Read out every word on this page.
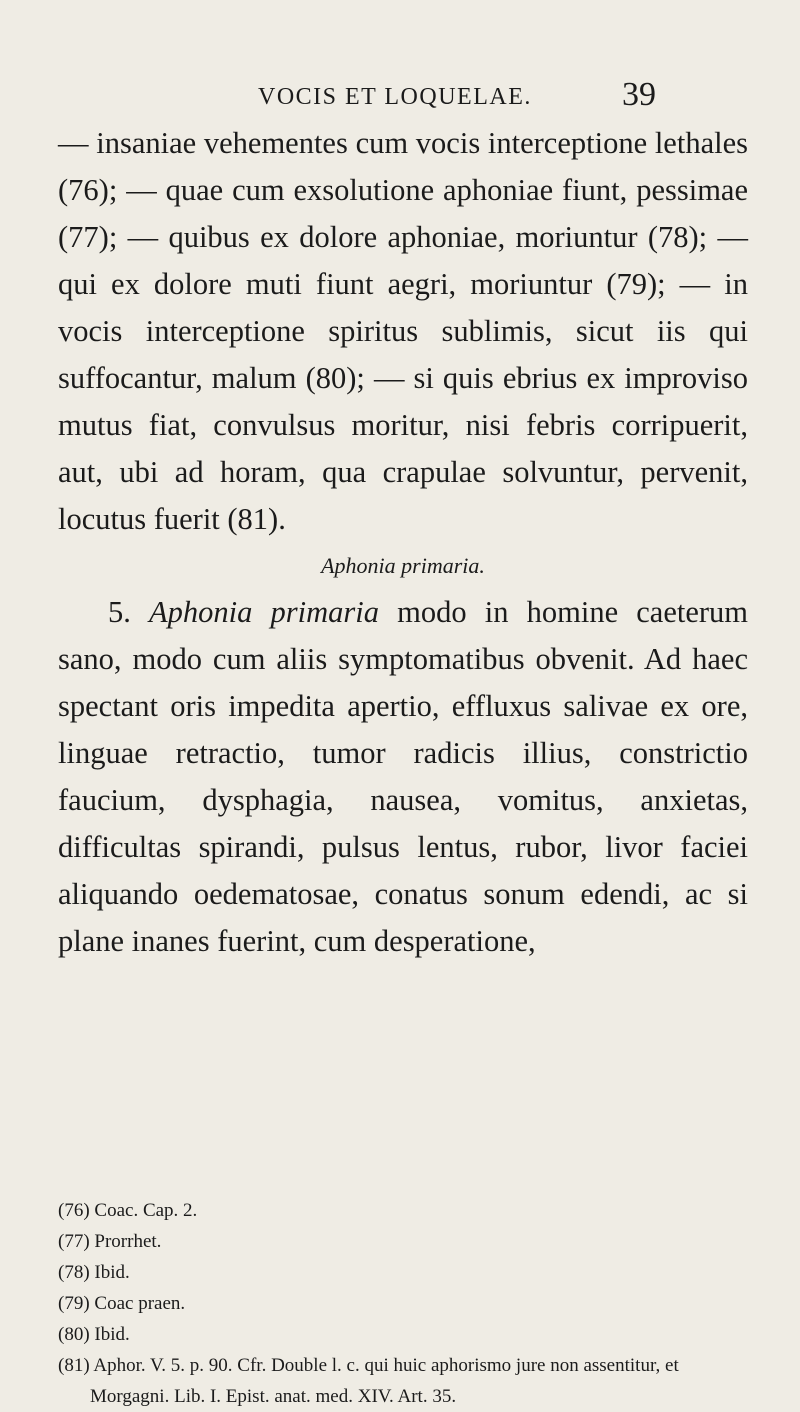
VOCIS ET LOQUELAE.	39

— insaniae vehementes cum vocis interceptione lethales (76); — quae cum exsolutione aphoniae fiunt, pessimae (77); — quibus ex dolore aphoniae, moriuntur (78); — qui ex dolore muti fiunt aegri, moriuntur (79); — in vocis interceptione spiritus sublimis, sicut iis qui suffocantur, malum (80); — si quis ebrius ex improviso mutus fiat, convulsus moritur, nisi febris corripuerit, aut, ubi ad horam, qua crapulae solvuntur, pervenit, locutus fuerit (81).

Aphonia primaria.

5. Aphonia primaria modo in homine caeterum sano, modo cum aliis symptomatibus obvenit. Ad haec spectant oris impedita apertio, effluxus salivae ex ore, linguae retractio, tumor radicis illius, constrictio faucium, dysphagia, nausea, vomitus, anxietas, difficultas spirandi, pulsus lentus, rubor, livor faciei aliquando oedematosae, conatus sonum edendi, ac si plane inanes fuerint, cum desperatione,

(76) Coac. Cap. 2.

(77) Prorrhet.

(78) Ibid.

(79) Coac praen.

(80) Ibid.

(81) Aphor. V. 5. p. 90. Cfr. Double l. c. qui huic aphorismo jure non assentitur, et Morgagni. Lib. I. Epist. anat. med. XIV. Art. 35.
